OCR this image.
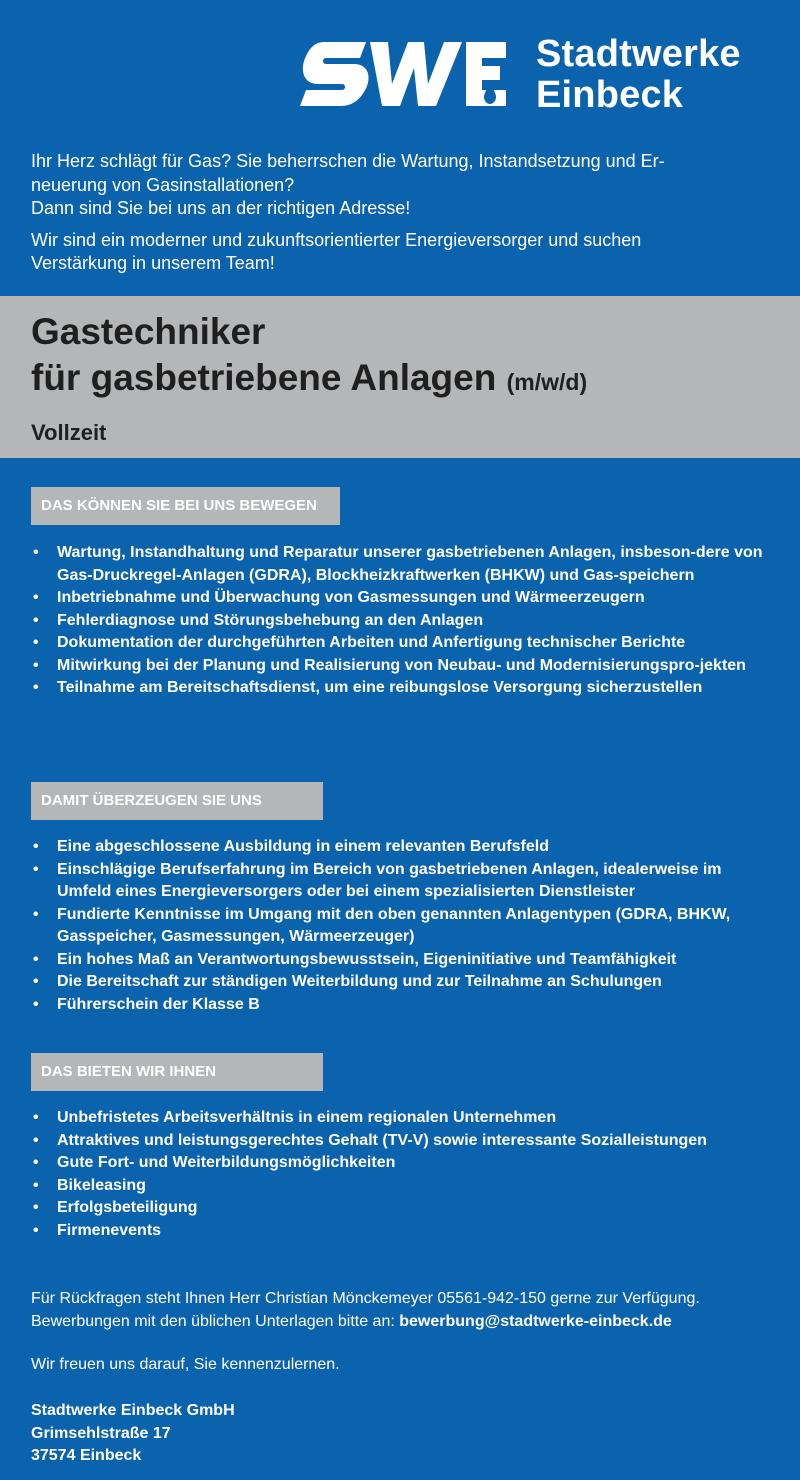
Stadtwerke
Einbeck

Ihr Herz schlägt für Gas? Sie beherrschen die Wartung, Instandsetzung und Er-

neuerung von Gasinstallationen?

Dann sind Sie bei uns an der richtigen Adresse!

Wir sind ein moderner und zukunftsorientierter Energieversorger und suchen

Verstärkung in unserem Team!

Gastechniker
für gasbetriebene Anlagen (m/w/d)
Vollzeit
DAS KÖNNEN SIE BEI UNS BEWEGEN
• Wartung, Instandhaltung und Reparatur unserer gasbetriebenen Anlagen, insbeson-dere von Gas-Druckregel-Anlagen (GDRA), Blockheizkraftwerken (BHKW) und Gas-speichern
• Inbetriebnahme und Überwachung von Gasmessungen und Wärmeerzeugern
• Fehlerdiagnose und Störungsbehebung an den Anlagen
• Dokumentation der durchgeführten Arbeiten und Anfertigung technischer Berichte
• Mitwirkung bei der Planung und Realisierung von Neubau- und Modernisierungspro-jekten
• Teilnahme am Bereitschaftsdienst, um eine reibungslose Versorgung sicherzustellen
DAMIT ÜBERZEUGEN SIE UNS
• Eine abgeschlossene Ausbildung in einem relevanten Berufsfeld
• Einschlägige Berufserfahrung im Bereich von gasbetriebenen Anlagen, idealerweise im Umfeld eines Energieversorgers oder bei einem spezialisierten Dienstleister
• Fundierte Kenntnisse im Umgang mit den oben genannten Anlagentypen (GDRA, BHKW, Gasspeicher, Gasmessungen, Wärmeerzeuger)
• Ein hohes Maß an Verantwortungsbewusstsein, Eigeninitiative und Teamfähigkeit
• Die Bereitschaft zur ständigen Weiterbildung und zur Teilnahme an Schulungen
• Führerschein der Klasse B
DAS BIETEN WIR IHNEN
• Unbefristetes Arbeitsverhältnis in einem regionalen Unternehmen
• Attraktives und leistungsgerechtes Gehalt (TV-V) sowie interessante Sozialleistungen
• Gute Fort- und Weiterbildungsmöglichkeiten
• Bikeleasing
• Erfolgsbeteiligung
• Firmenevents

Für Rückfragen steht Ihnen Herr Christian Mönckemeyer 05561-942-150 gerne zur Verfügung.

Bewerbungen mit den üblichen Unterlagen bitte an: bewerbung@stadtwerke-einbeck.de

Wir freuen uns darauf, Sie kennenzulernen.
Stadtwerke Einbeck GmbH
Grimsehlstraße 17
37574 Einbeck
